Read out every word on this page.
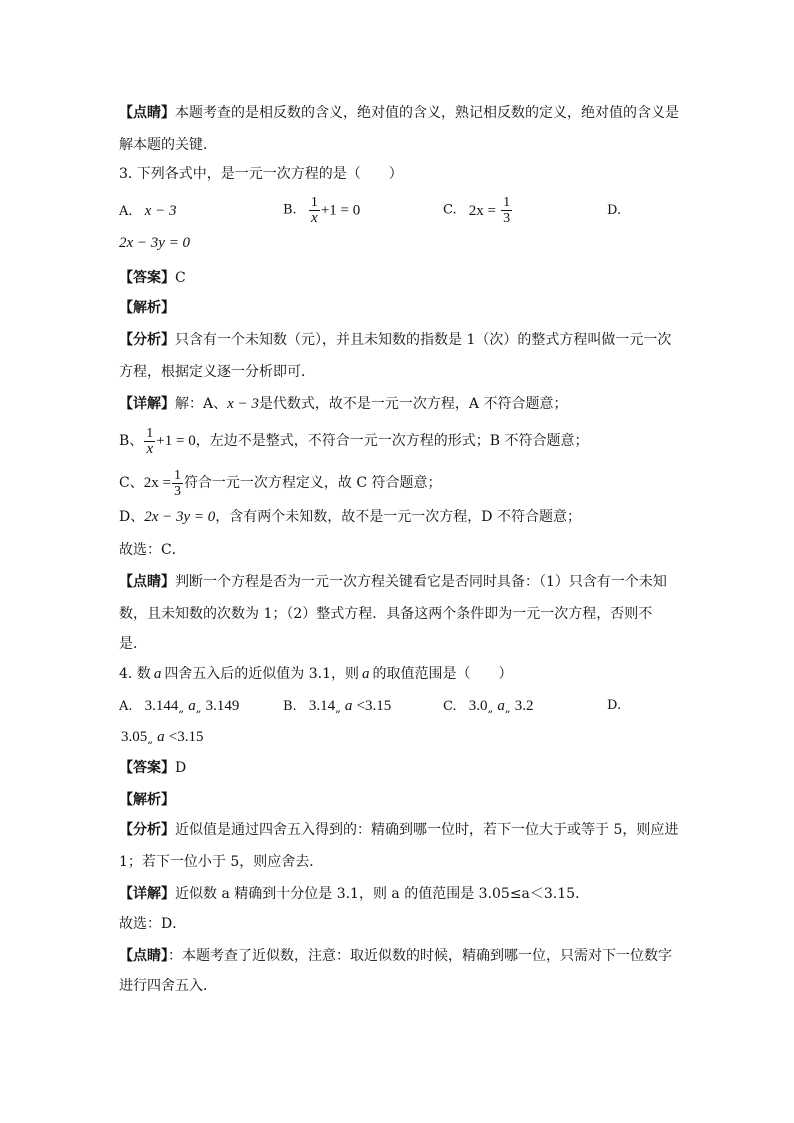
【点睛】本题考查的是相反数的含义，绝对值的含义，熟记相反数的定义，绝对值的含义是
解本题的关键．
3. 下列各式中，是一元一次方程的是（　　）
A. x − 3	B. $\frac{1}{x} +1 = 0$	C. $2x = \frac{1}{3}$	D.
2x − 3y = 0
【答案】C
【解析】
【分析】只含有一个未知数（元），并且未知数的指数是 1（次）的整式方程叫做一元一次
方程，根据定义逐一分析即可．
【详解】解：A、x − 3是代数式，故不是一元一次方程，A 不符合题意；
B、 $\frac{1}{x} +1 = 0$，左边不是整式，不符合一元一次方程的形式；B 不符合题意；
C、$2x = \frac{1}{3}$ 符合一元一次方程定义，故 C 符合题意；
D、2x − 3y = 0，含有两个未知数，故不是一元一次方程，D 不符合题意；
故选：C．
【点睛】判断一个方程是否为一元一次方程关键看它是否同时具备：（1）只含有一个未知
数，且未知数的次数为 1；（2）整式方程．具备这两个条件即为一元一次方程，否则不
是．
4. 数 a 四舍五入后的近似值为 3.1，则 a 的取值范围是（　　）
A. 3.144„ a„ 3.149	B. 3.14„ a <3.15	C. 3.0„ a„ 3.2	D.
3.05„ a <3.15
【答案】D
【解析】
【分析】近似值是通过四舍五入得到的：精确到哪一位时，若下一位大于或等于 5，则应进
1；若下一位小于 5，则应舍去．
【详解】近似数 a 精确到十分位是 3.1，则 a 的值范围是 3.05≤a＜3.15．
故选：D．
【点睛】：本题考查了近似数，注意：取近似数的时候，精确到哪一位，只需对下一位数字
进行四舍五入．
